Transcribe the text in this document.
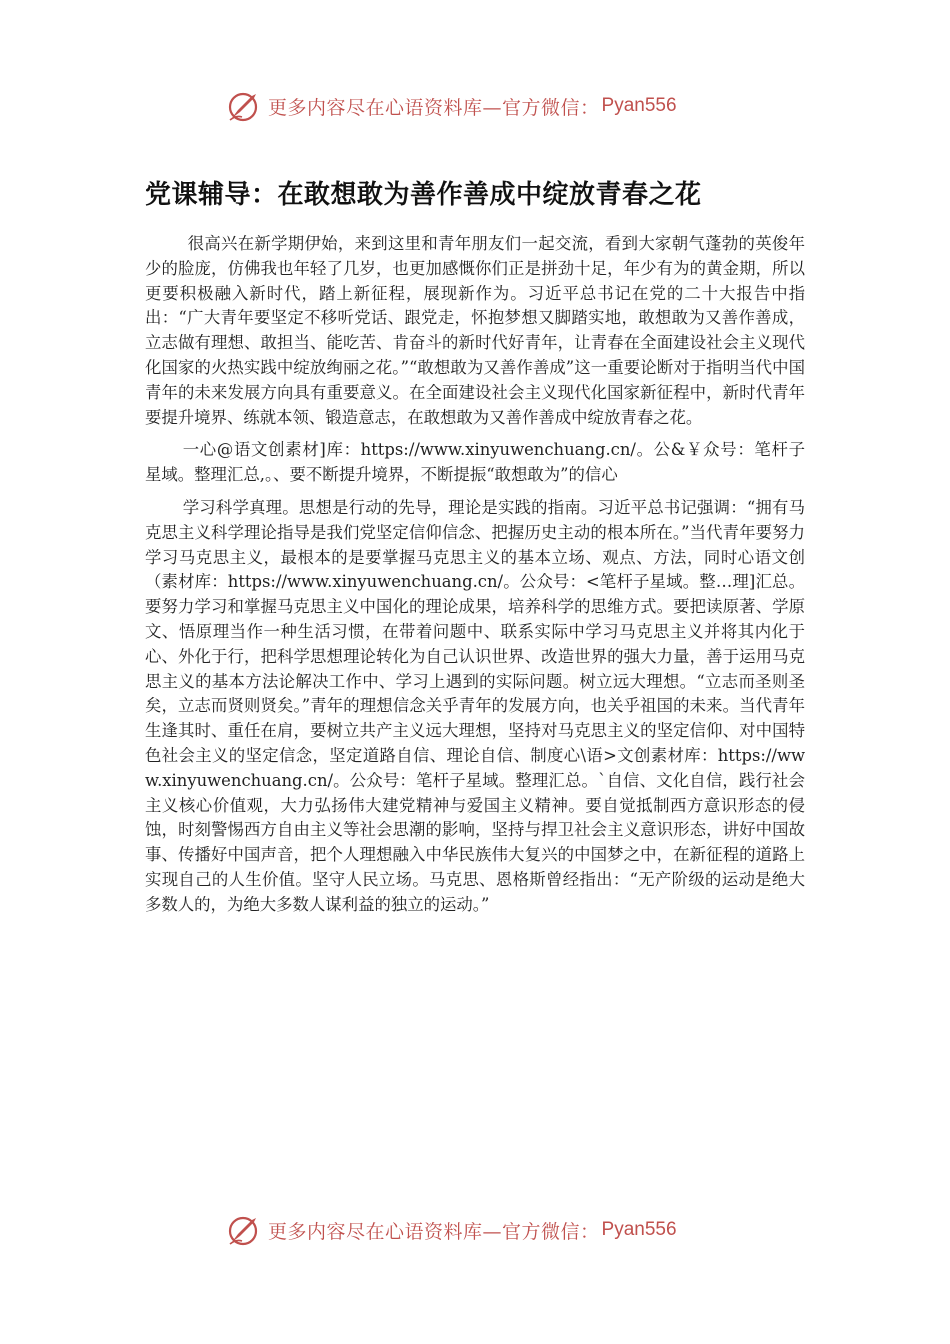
更多内容尽在心语资料库—官方微信： Pyan556
党课辅导：在敢想敢为善作善成中绽放青春之花

很高兴在新学期伊始，来到这里和青年朋友们一起交流，看到大家朝气蓬勃的英俊年少的脸庞，仿佛我也年轻了几岁，也更加感慨你们正是拼劲十足，年少有为的黄金期，所以更要积极融入新时代，踏上新征程，展现新作为。习近平总书记在党的二十大报告中指出：“广大青年要坚定不移听党话、跟党走，怀抱梦想又脚踏实地，敢想敢为又善作善成，立志做有理想、敢担当、能吃苦、肯奋斗的新时代好青年，让青春在全面建设社会主义现代化国家的火热实践中绽放绚丽之花。”“敢想敢为又善作善成”这一重要论断对于指明当代中国青年的未来发展方向具有重要意义。在全面建设社会主义现代化国家新征程中，新时代青年要提升境界、练就本领、锻造意志，在敢想敢为又善作善成中绽放青春之花。

一心@语文创素材]库：https://www.xinyuwenchuang.cn/。公&￥众号：笔杆子星域。整理汇总,。、要不断提升境界，不断提振“敢想敢为”的信心

学习科学真理。思想是行动的先导，理论是实践的指南。习近平总书记强调：“拥有马克思主义科学理论指导是我们党坚定信仰信念、把握历史主动的根本所在。”当代青年要努力学习马克思主义，最根本的是要掌握马克思主义的基本立场、观点、方法，同时心语文创（素材库：https://www.xinyuwenchuang.cn/。公众号：<笔杆子星域。整…理]汇总。要努力学习和掌握马克思主义中国化的理论成果，培养科学的思维方式。要把读原著、学原文、悟原理当作一种生活习惯，在带着问题中、联系实际中学习马克思主义并将其内化于心、外化于行，把科学思想理论转化为自己认识世界、改造世界的强大力量，善于运用马克思主义的基本方法论解决工作中、学习上遇到的实际问题。树立远大理想。“立志而圣则圣矣，立志而贤则贤矣。”青年的理想信念关乎青年的发展方向，也关乎祖国的未来。当代青年生逢其时、重任在肩，要树立共产主义远大理想，坚持对马克思主义的坚定信仰、对中国特色社会主义的坚定信念，坚定道路自信、理论自信、制度心\语>文创素材库：https://www.xinyuwenchuang.cn/。公众号：笔杆子星域。整理汇总。`自信、文化自信，践行社会主义核心价值观，大力弘扬伟大建党精神与爱国主义精神。要自觉抵制西方意识形态的侵蚀，时刻警惕西方自由主义等社会思潮的影响，坚持与捍卫社会主义意识形态，讲好中国故事、传播好中国声音，把个人理想融入中华民族伟大复兴的中国梦之中，在新征程的道路上实现自己的人生价值。坚守人民立场。马克思、恩格斯曾经指出：“无产阶级的运动是绝大多数人的，为绝大多数人谋利益的独立的运动。”

更多内容尽在心语资料库—官方微信： Pyan556
